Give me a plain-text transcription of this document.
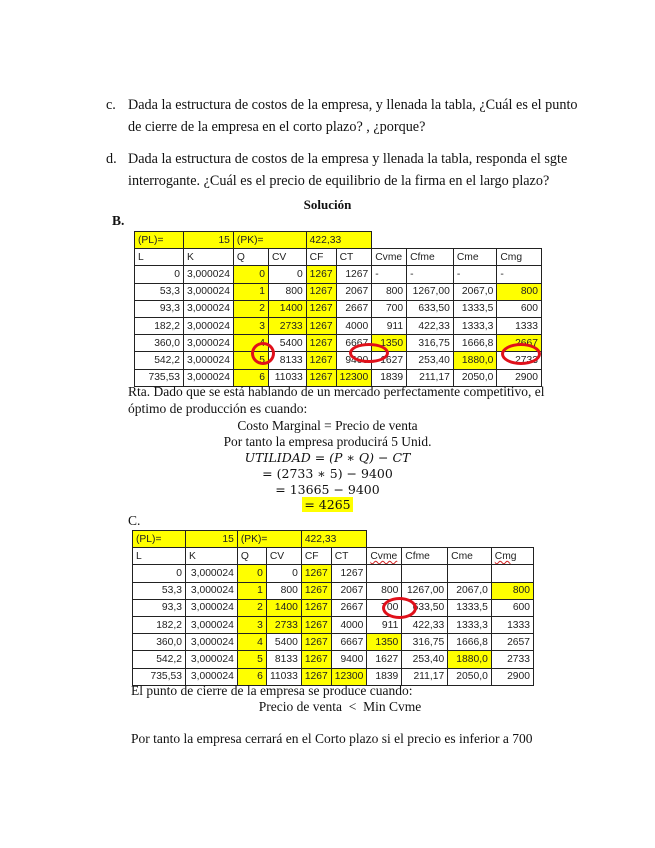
c. Dada la estructura de costos de la empresa, y llenada la tabla, ¿Cuál es el punto
de cierre de la empresa en el corto plazo? , ¿porque?
d. Dada la estructura de costos de la empresa y llenada la tabla, responda el sgte
interrogante. ¿Cuál es el precio de equilibrio de la firma en el largo plazo?
Solución
B.
(PL)=	15	(PK)=		422,33					
L	K	Q	CV	CF	CT	Cvme	Cfme	Cme	Cmg
0	3,000024	0	0	1267	1267	-	-	-	-
53,3	3,000024	1	800	1267	2067	800	1267,00	2067,0	800
93,3	3,000024	2	1400	1267	2667	700	633,50	1333,5	600
182,2	3,000024	3	2733	1267	4000	911	422,33	1333,3	1333
360,0	3,000024	4	5400	1267	6667	1350	316,75	1666,8	2667
542,2	3,000024	5	8133	1267	9400	1627	253,40	1880,0	2733
735,53	3,000024	6	11033	1267	12300	1839	211,17	2050,0	2900
Rta. Dado que se está hablando de un mercado perfectamente competitivo, el
óptimo de producción es cuando:
Costo Marginal = Precio de venta
Por tanto la empresa producirá 5 Unid.
UTILIDAD = (P ∗ Q) − CT
= (2733 ∗ 5) − 9400
= 13665 − 9400
= 4265
C.
(PL)=	15	(PK)=		422,33					
L	K	Q	CV	CF	CT	Cvme	Cfme	Cme	Cmg
0	3,000024	0	0	1267	1267				
53,3	3,000024	1	800	1267	2067	800	1267,00	2067,0	800
93,3	3,000024	2	1400	1267	2667	700	633,50	1333,5	600
182,2	3,000024	3	2733	1267	4000	911	422,33	1333,3	1333
360,0	3,000024	4	5400	1267	6667	1350	316,75	1666,8	2657
542,2	3,000024	5	8133	1267	9400	1627	253,40	1880,0	2733
735,53	3,000024	6	11033	1267	12300	1839	211,17	2050,0	2900
El punto de cierre de la empresa se produce cuando:
Precio de venta  <  Min Cvme
Por tanto la empresa cerrará en el Corto plazo si el precio es inferior a 700
